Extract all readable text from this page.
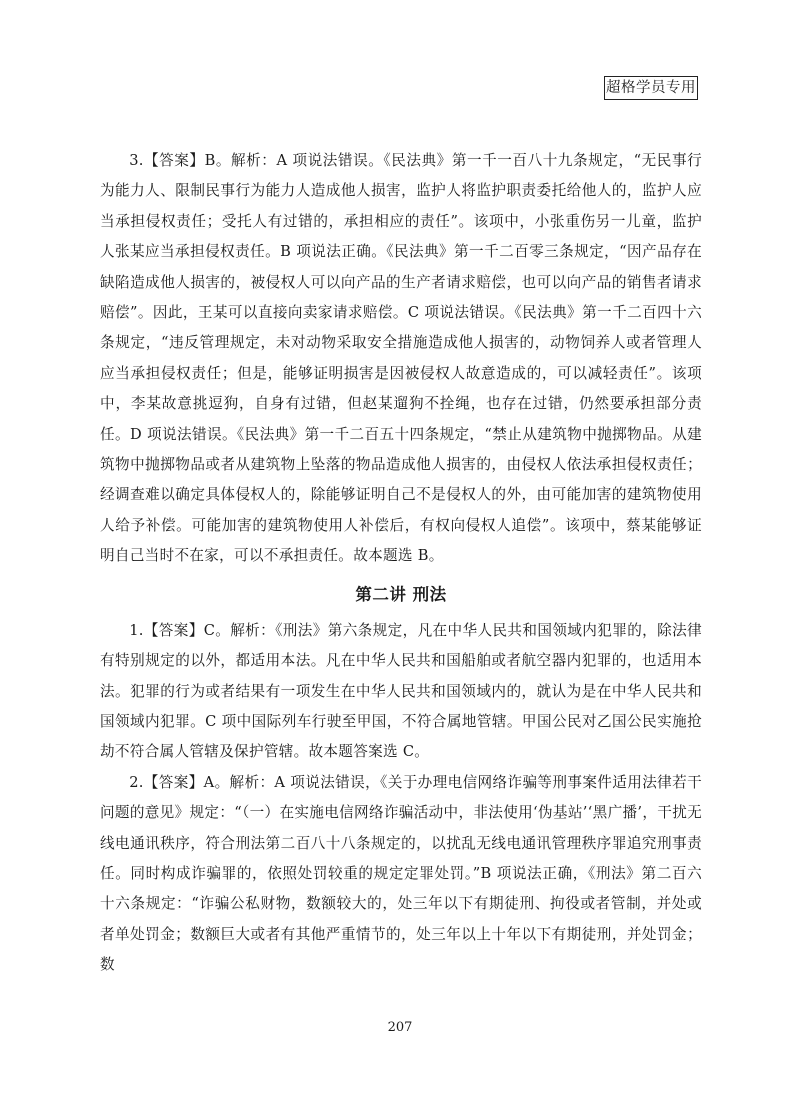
超格学员专用

3.【答案】B。解析：A 项说法错误。《民法典》第一千一百八十九条规定，“无民事行为能力人、限制民事行为能力人造成他人损害，监护人将监护职责委托给他人的，监护人应当承担侵权责任；受托人有过错的，承担相应的责任”。该项中，小张重伤另一儿童，监护人张某应当承担侵权责任。B 项说法正确。《民法典》第一千二百零三条规定，“因产品存在缺陷造成他人损害的，被侵权人可以向产品的生产者请求赔偿，也可以向产品的销售者请求赔偿”。因此，王某可以直接向卖家请求赔偿。C 项说法错误。《民法典》第一千二百四十六条规定，“违反管理规定，未对动物采取安全措施造成他人损害的，动物饲养人或者管理人应当承担侵权责任；但是，能够证明损害是因被侵权人故意造成的，可以减轻责任”。该项中，李某故意挑逗狗，自身有过错，但赵某遛狗不拴绳，也存在过错，仍然要承担部分责任。D 项说法错误。《民法典》第一千二百五十四条规定，“禁止从建筑物中抛掷物品。从建筑物中抛掷物品或者从建筑物上坠落的物品造成他人损害的，由侵权人依法承担侵权责任；经调查难以确定具体侵权人的，除能够证明自己不是侵权人的外，由可能加害的建筑物使用人给予补偿。可能加害的建筑物使用人补偿后，有权向侵权人追偿”。该项中，蔡某能够证明自己当时不在家，可以不承担责任。故本题选 B。

第二讲 刑法

1.【答案】C。解析：《刑法》第六条规定，凡在中华人民共和国领域内犯罪的，除法律有特别规定的以外，都适用本法。凡在中华人民共和国船舶或者航空器内犯罪的，也适用本法。犯罪的行为或者结果有一项发生在中华人民共和国领域内的，就认为是在中华人民共和国领域内犯罪。C 项中国际列车行驶至甲国，不符合属地管辖。甲国公民对乙国公民实施抢劫不符合属人管辖及保护管辖。故本题答案选 C。

2.【答案】A。解析：A 项说法错误，《关于办理电信网络诈骗等刑事案件适用法律若干问题的意见》规定：“（一）在实施电信网络诈骗活动中，非法使用‘伪基站’‘黑广播’，干扰无线电通讯秩序，符合刑法第二百八十八条规定的，以扰乱无线电通讯管理秩序罪追究刑事责任。同时构成诈骗罪的，依照处罚较重的规定定罪处罚。”B 项说法正确，《刑法》第二百六十六条规定：“诈骗公私财物，数额较大的，处三年以下有期徒刑、拘役或者管制，并处或者单处罚金；数额巨大或者有其他严重情节的，处三年以上十年以下有期徒刑，并处罚金；数

207
